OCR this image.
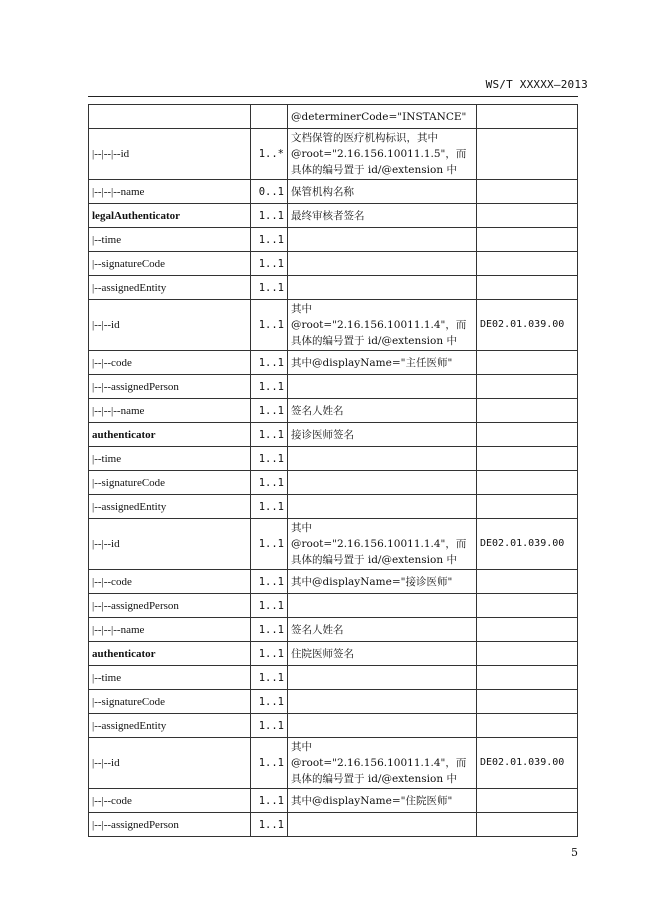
WS/T XXXXX—2013

		@determinerCode="INSTANCE"	

|--|--|--id	1..*	文档保管的医疗机构标识，其中
@root="2.16.156.10011.1.5"，而
具体的编号置于 id/@extension 中	

|--|--|--name	0..1	保管机构名称	

legalAuthenticator	1..1	最终审核者签名	

|--time	1..1		
|--signatureCode	1..1		
|--assignedEntity	1..1		
|--|--id	1..1	其中
@root="2.16.156.10011.1.4"，而
具体的编号置于 id/@extension 中	DE02.01.039.00
|--|--code	1..1	其中@displayName="主任医师"	

|--|--assignedPerson	1..1		
|--|--|--name	1..1	签名人姓名	

authenticator	1..1	接诊医师签名	

|--time	1..1		
|--signatureCode	1..1		
|--assignedEntity	1..1		
|--|--id	1..1	其中
@root="2.16.156.10011.1.4"，而
具体的编号置于 id/@extension 中	DE02.01.039.00
|--|--code	1..1	其中@displayName="接诊医师"	

|--|--assignedPerson	1..1		
|--|--|--name	1..1	签名人姓名	

authenticator	1..1	住院医师签名	

|--time	1..1		
|--signatureCode	1..1		
|--assignedEntity	1..1		
|--|--id	1..1	其中
@root="2.16.156.10011.1.4"，而
具体的编号置于 id/@extension 中	DE02.01.039.00
|--|--code	1..1	其中@displayName="住院医师"	

|--|--assignedPerson	1..1		
5
